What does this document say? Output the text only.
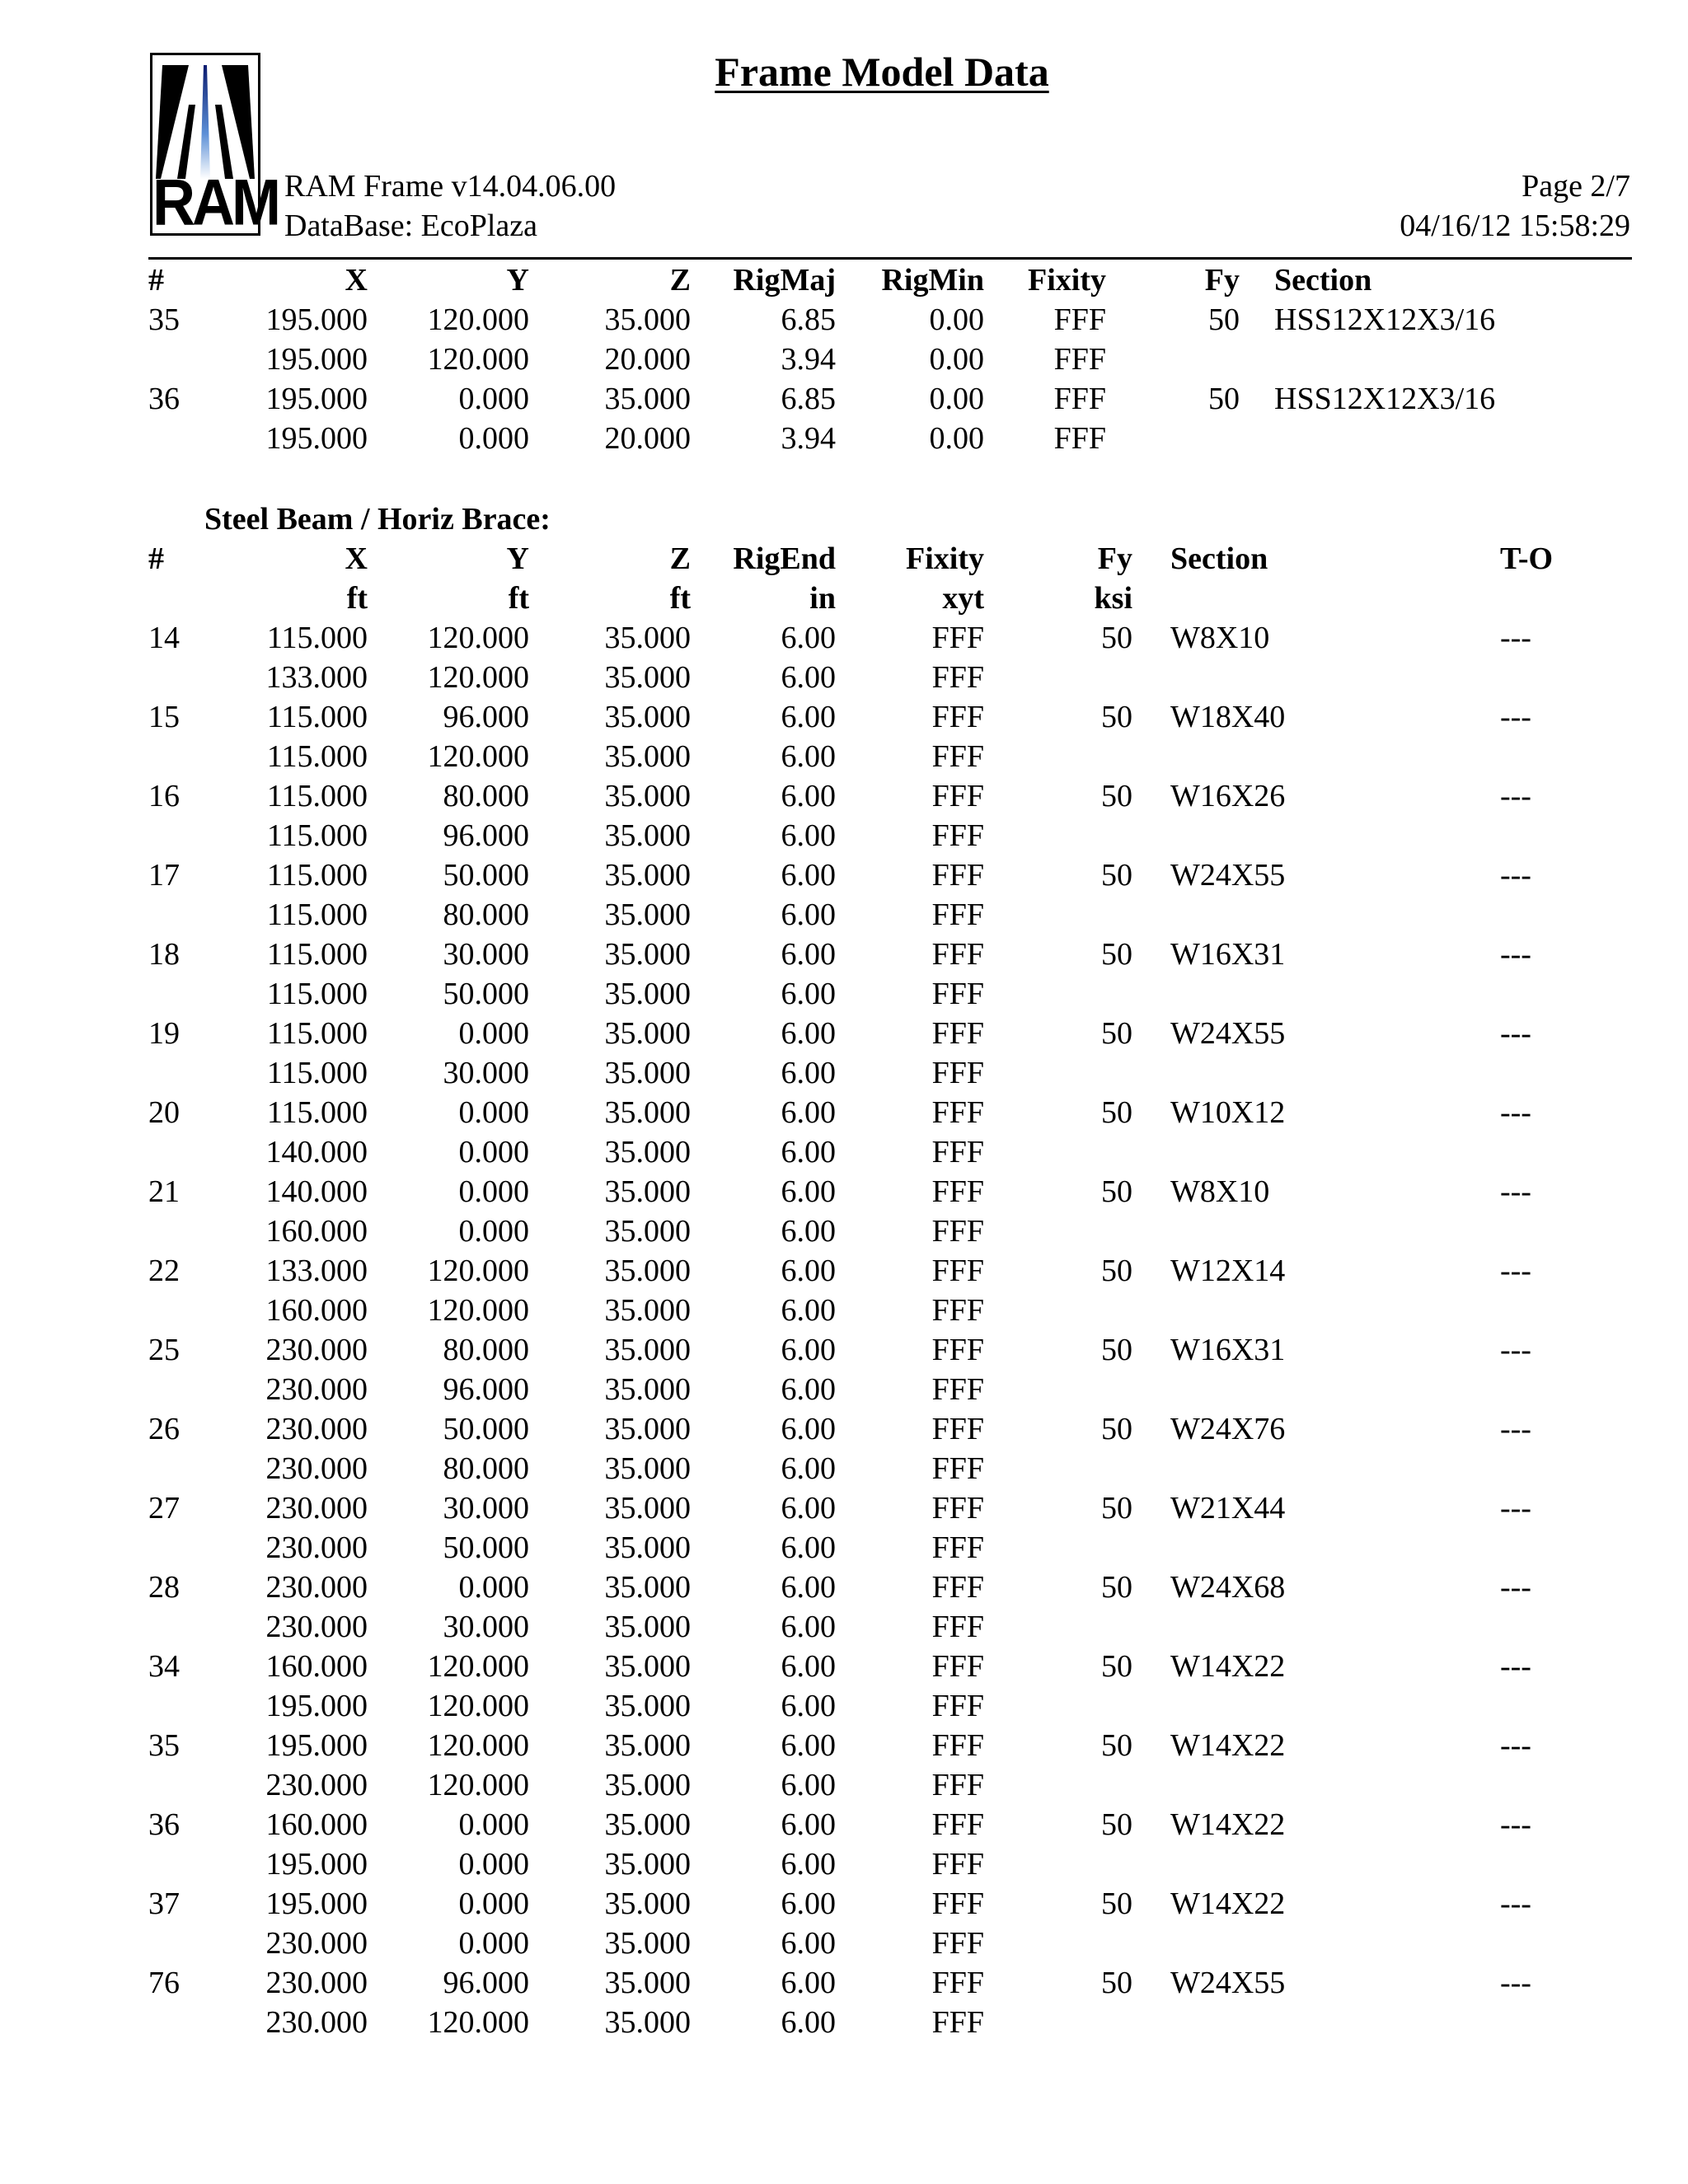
RAM
Frame Model Data
RAM Frame v14.04.06.00
DataBase: EcoPlaza
Page 2/7
04/16/12 15:58:29
#	X	Y	Z	RigMaj	RigMin	Fixity	Fy Section
35	195.000	120.000	35.000	6.85	0.00	FFF	50 HSS12X12X3/16
195.000	120.000	20.000	3.94	0.00	FFF
36	195.000	0.000	35.000	6.85	0.00	FFF	50 HSS12X12X3/16
195.000	0.000	20.000	3.94	0.00	FFF
Steel Beam / Horiz Brace:
#	X	Y	Z	RigEnd	Fixity	Fy Section	T-O
ft	ft	ft	in	xyt	ksi
14	115.000	120.000	35.000	6.00	FFF	50 W8X10	---
133.000	120.000	35.000	6.00	FFF
15	115.000	96.000	35.000	6.00	FFF	50 W18X40	---
115.000	120.000	35.000	6.00	FFF
16	115.000	80.000	35.000	6.00	FFF	50 W16X26	---
115.000	96.000	35.000	6.00	FFF
17	115.000	50.000	35.000	6.00	FFF	50 W24X55	---
115.000	80.000	35.000	6.00	FFF
18	115.000	30.000	35.000	6.00	FFF	50 W16X31	---
115.000	50.000	35.000	6.00	FFF
19	115.000	0.000	35.000	6.00	FFF	50 W24X55	---
115.000	30.000	35.000	6.00	FFF
20	115.000	0.000	35.000	6.00	FFF	50 W10X12	---
140.000	0.000	35.000	6.00	FFF
21	140.000	0.000	35.000	6.00	FFF	50 W8X10	---
160.000	0.000	35.000	6.00	FFF
22	133.000	120.000	35.000	6.00	FFF	50 W12X14	---
160.000	120.000	35.000	6.00	FFF
25	230.000	80.000	35.000	6.00	FFF	50 W16X31	---
230.000	96.000	35.000	6.00	FFF
26	230.000	50.000	35.000	6.00	FFF	50 W24X76	---
230.000	80.000	35.000	6.00	FFF
27	230.000	30.000	35.000	6.00	FFF	50 W21X44	---
230.000	50.000	35.000	6.00	FFF
28	230.000	0.000	35.000	6.00	FFF	50 W24X68	---
230.000	30.000	35.000	6.00	FFF
34	160.000	120.000	35.000	6.00	FFF	50 W14X22	---
195.000	120.000	35.000	6.00	FFF
35	195.000	120.000	35.000	6.00	FFF	50 W14X22	---
230.000	120.000	35.000	6.00	FFF
36	160.000	0.000	35.000	6.00	FFF	50 W14X22	---
195.000	0.000	35.000	6.00	FFF
37	195.000	0.000	35.000	6.00	FFF	50 W14X22	---
230.000	0.000	35.000	6.00	FFF
76	230.000	96.000	35.000	6.00	FFF	50 W24X55	---
230.000	120.000	35.000	6.00	FFF
